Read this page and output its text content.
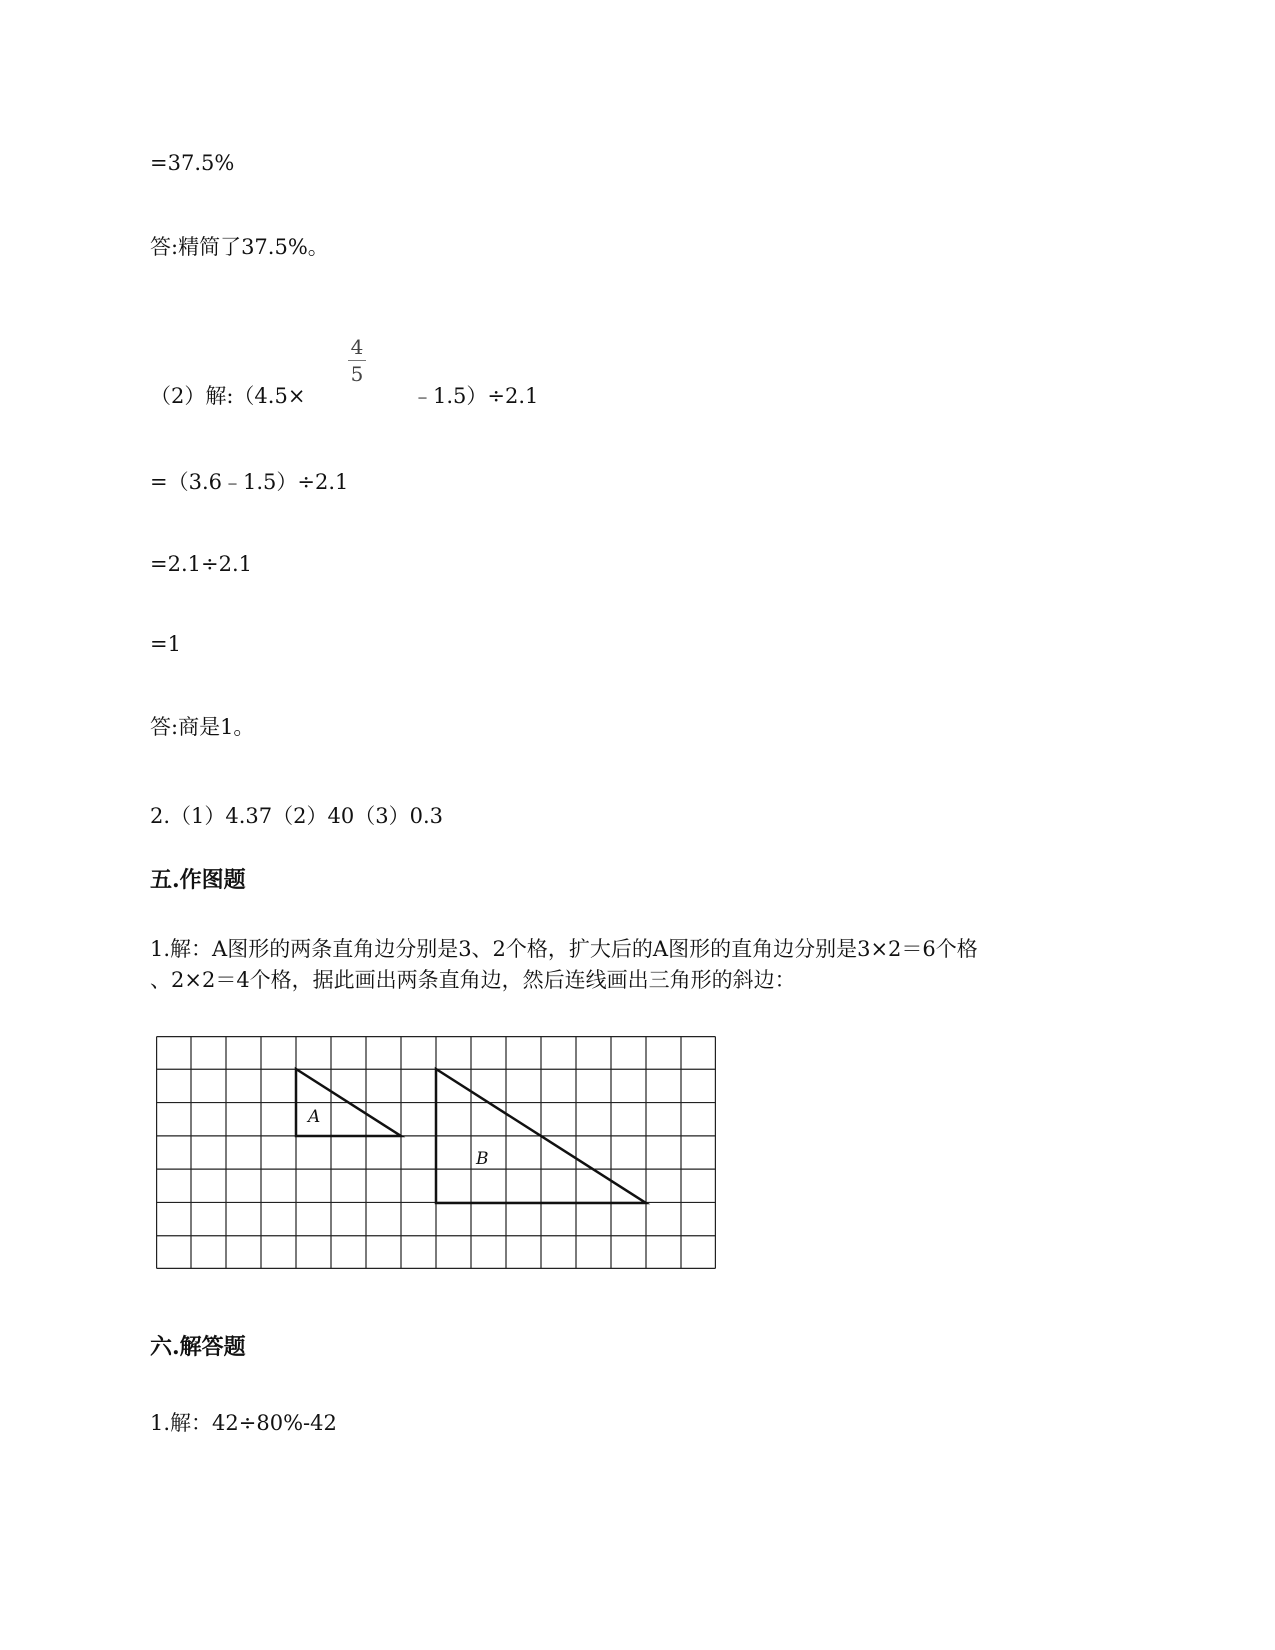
=37.5%
答:精简了37.5%。
（2）解:（4.5×
4
5
﹣1.5）÷2.1
=（3.6﹣1.5）÷2.1
=2.1÷2.1
=1
答:商是1。
2.（1）4.37（2）40（3）0.3
五.作图题
1.解：A图形的两条直角边分别是3、2个格，扩大后的A图形的直角边分别是3×2＝6个格
、2×2＝4个格，据此画出两条直角边，然后连线画出三角形的斜边：
A
B
六.解答题
1.解：42÷80%-42
